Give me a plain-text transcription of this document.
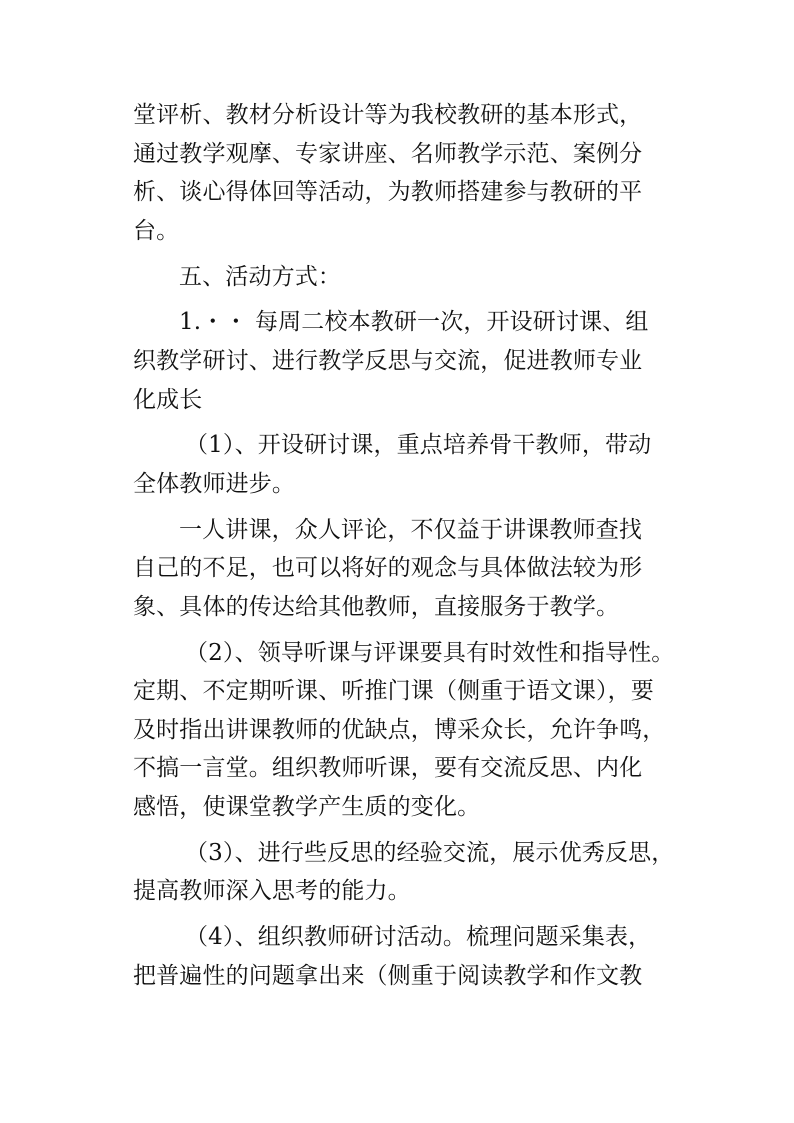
堂评析、教材分析设计等为我校教研的基本形式，
通过教学观摩、专家讲座、名师教学示范、案例分
析、谈心得体回等活动，为教师搭建参与教研的平
台。
五、活动方式：
1.・・ 每周二校本教研一次，开设研讨课、组
织教学研讨、进行教学反思与交流，促进教师专业
化成长
（1）、开设研讨课，重点培养骨干教师，带动
全体教师进步。
一人讲课，众人评论，不仅益于讲课教师查找
自己的不足，也可以将好的观念与具体做法较为形
象、具体的传达给其他教师，直接服务于教学。
（2）、领导听课与评课要具有时效性和指导性。
定期、不定期听课、听推门课（侧重于语文课），要
及时指出讲课教师的优缺点，博采众长，允许争鸣，
不搞一言堂。组织教师听课，要有交流反思、内化
感悟，使课堂教学产生质的变化。
（3）、进行些反思的经验交流，展示优秀反思，
提高教师深入思考的能力。
（4）、组织教师研讨活动。梳理问题采集表，
把普遍性的问题拿出来（侧重于阅读教学和作文教
